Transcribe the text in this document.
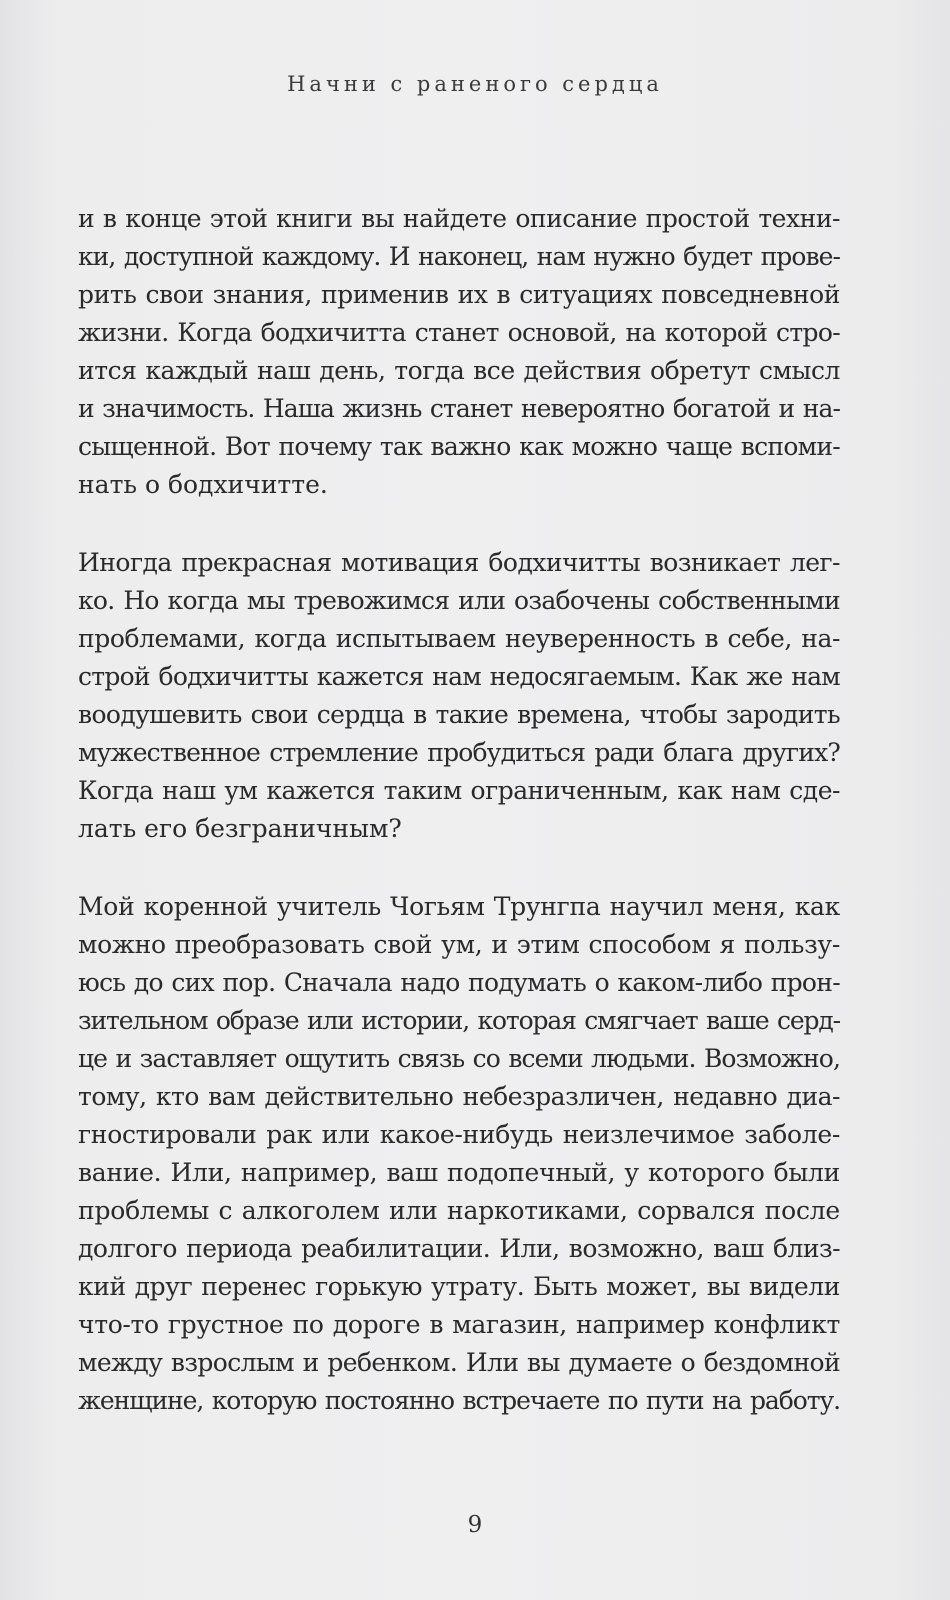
Начни с раненого сердца
и в конце этой книги вы найдете описание простой техни-
ки, доступной каждому. И наконец, нам нужно будет прове-
рить свои знания, применив их в ситуациях повседневной
жизни. Когда бодхичитта станет основой, на которой стро-
ится каждый наш день, тогда все действия обретут смысл
и значимость. Наша жизнь станет невероятно богатой и на-
сыщенной. Вот почему так важно как можно чаще вспоми-
нать о бодхичитте.
Иногда прекрасная мотивация бодхичитты возникает лег-
ко. Но когда мы тревожимся или озабочены собственными
проблемами, когда испытываем неуверенность в себе, на-
строй бодхичитты кажется нам недосягаемым. Как же нам
воодушевить свои сердца в такие времена, чтобы зародить
мужественное стремление пробудиться ради блага других?
Когда наш ум кажется таким ограниченным, как нам сде-
лать его безграничным?
Мой коренной учитель Чогьям Трунгпа научил меня, как
можно преобразовать свой ум, и этим способом я пользу-
юсь до сих пор. Сначала надо подумать о каком-либо прон-
зительном образе или истории, которая смягчает ваше серд-
це и заставляет ощутить связь со всеми людьми. Возможно,
тому, кто вам действительно небезразличен, недавно диа-
гностировали рак или какое-нибудь неизлечимое заболе-
вание. Или, например, ваш подопечный, у которого были
проблемы с алкоголем или наркотиками, сорвался после
долгого периода реабилитации. Или, возможно, ваш близ-
кий друг перенес горькую утрату. Быть может, вы видели
что-то грустное по дороге в магазин, например конфликт
между взрослым и ребенком. Или вы думаете о бездомной
женщине, которую постоянно встречаете по пути на работу.
9
